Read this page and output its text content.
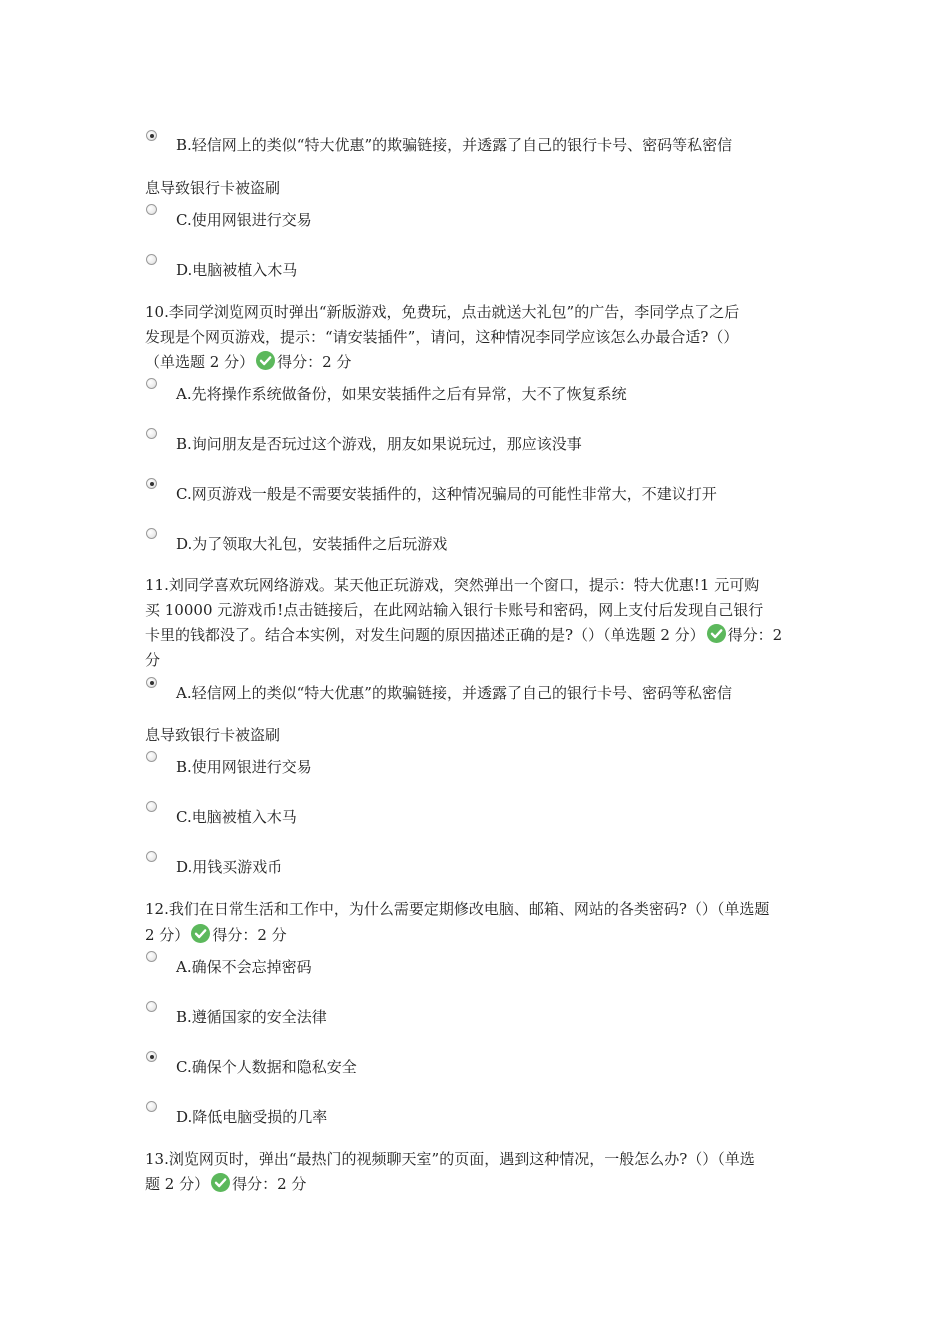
B.轻信网上的类似“特大优惠”的欺骗链接，并透露了自己的银行卡号、密码等私密信
息导致银行卡被盗刷
C.使用网银进行交易
D.电脑被植入木马
10.李同学浏览网页时弹出“新版游戏，免费玩，点击就送大礼包”的广告，李同学点了之后
发现是个网页游戏，提示：“请安装插件”，请问，这种情况李同学应该怎么办最合适?（）
（单选题 2 分） 得分：2 分
A.先将操作系统做备份，如果安装插件之后有异常，大不了恢复系统
B.询问朋友是否玩过这个游戏，朋友如果说玩过，那应该没事
C.网页游戏一般是不需要安装插件的，这种情况骗局的可能性非常大，不建议打开
D.为了领取大礼包，安装插件之后玩游戏
11.刘同学喜欢玩网络游戏。某天他正玩游戏，突然弹出一个窗口，提示：特大优惠!1 元可购
买 10000 元游戏币!点击链接后，在此网站输入银行卡账号和密码，网上支付后发现自己银行
卡里的钱都没了。结合本实例，对发生问题的原因描述正确的是?（）（单选题 2 分） 得分：2
分
A.轻信网上的类似“特大优惠”的欺骗链接，并透露了自己的银行卡号、密码等私密信
息导致银行卡被盗刷
B.使用网银进行交易
C.电脑被植入木马
D.用钱买游戏币
12.我们在日常生活和工作中，为什么需要定期修改电脑、邮箱、网站的各类密码?（）（单选题
2 分） 得分：2 分
A.确保不会忘掉密码
B.遵循国家的安全法律
C.确保个人数据和隐私安全
D.降低电脑受损的几率
13.浏览网页时，弹出“最热门的视频聊天室”的页面，遇到这种情况，一般怎么办?（）（单选
题 2 分） 得分：2 分
